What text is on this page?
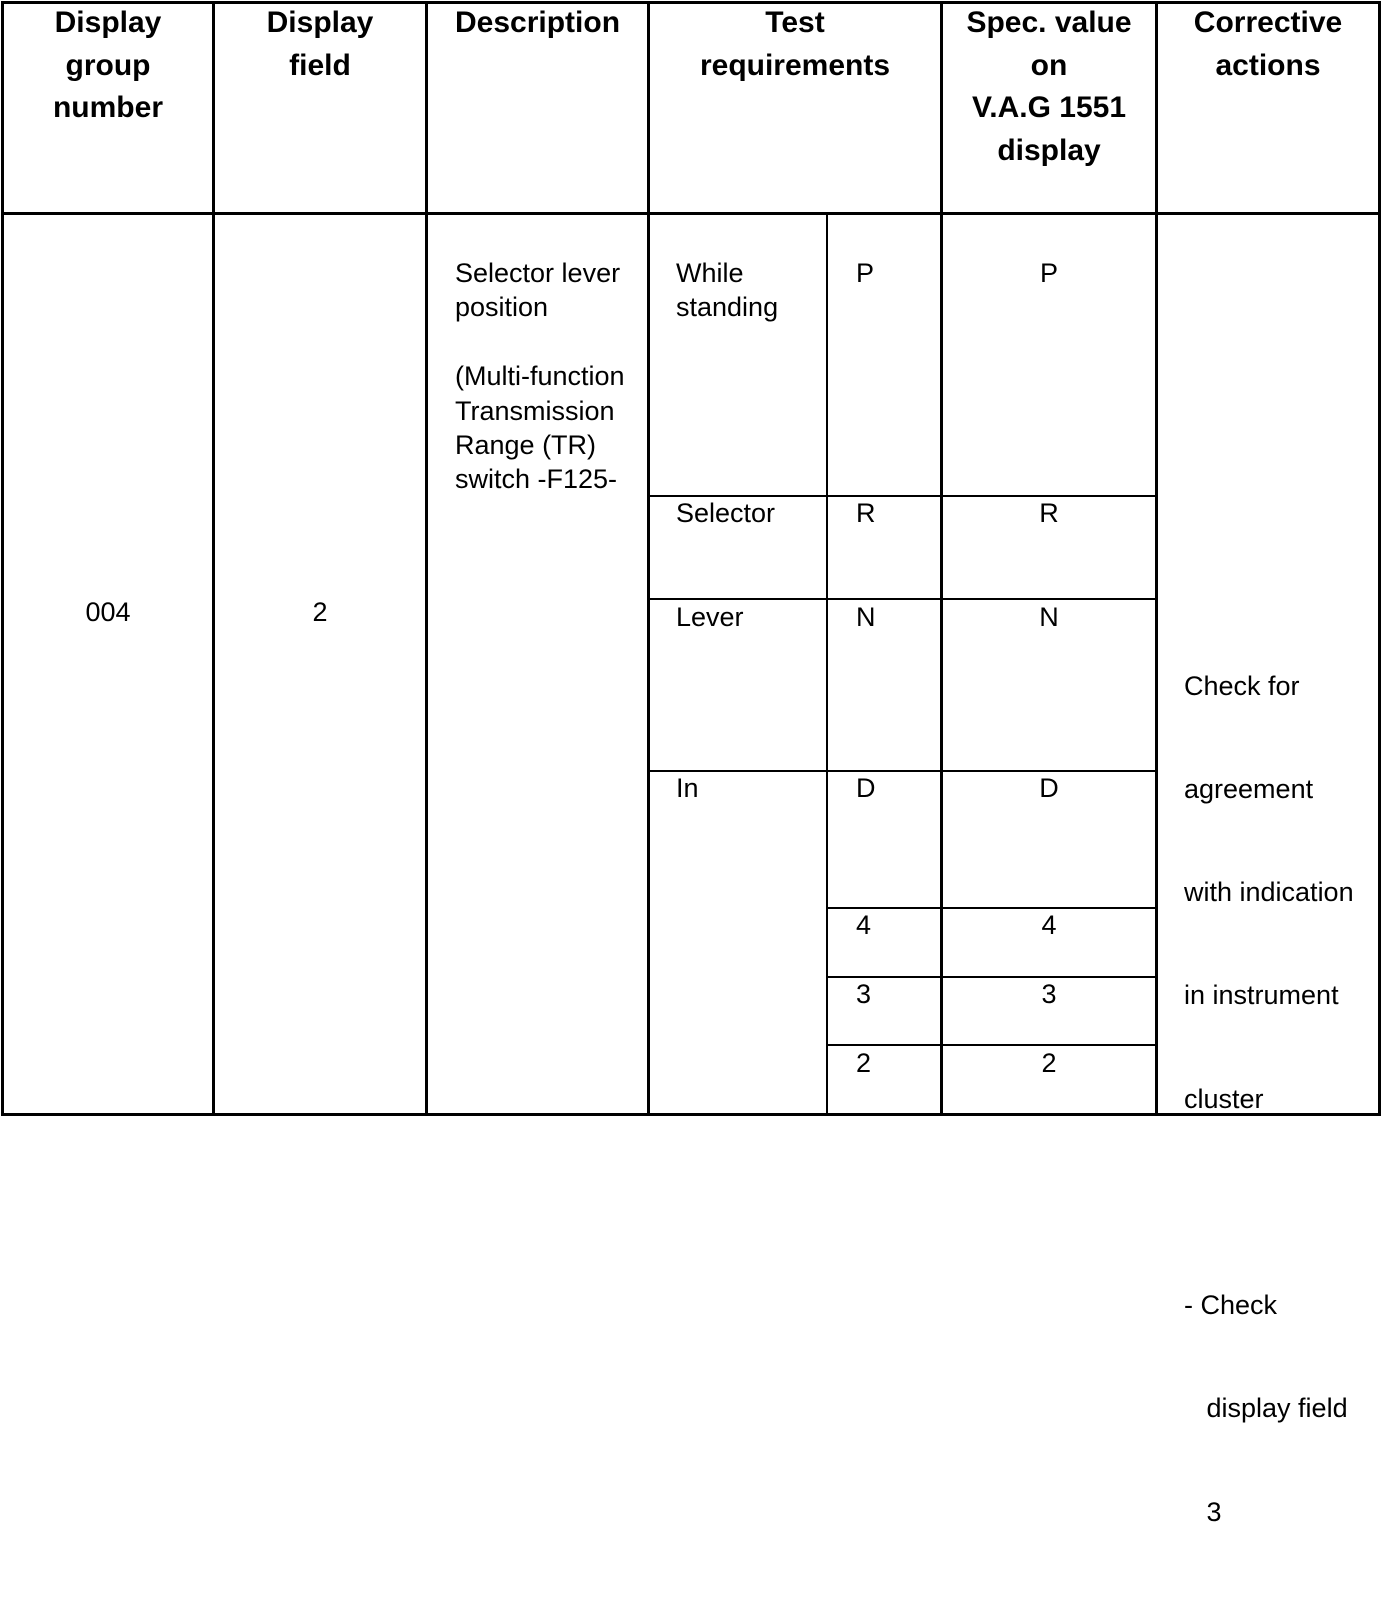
Display
group
number
Display
field
Description	Test
requirements
Spec. value
on
V.A.G 1551
display
Corrective
actions
004	2
Selector lever
position

(Multi-function
Transmission
Range (TR)
switch -F125-
While
standing
Selector
Lever
In
P
R
N
D
4
3
2
P
R
N
D
4
3
2

Check for

agreement

with indication

in instrument

cluster

- Check

display field

3
